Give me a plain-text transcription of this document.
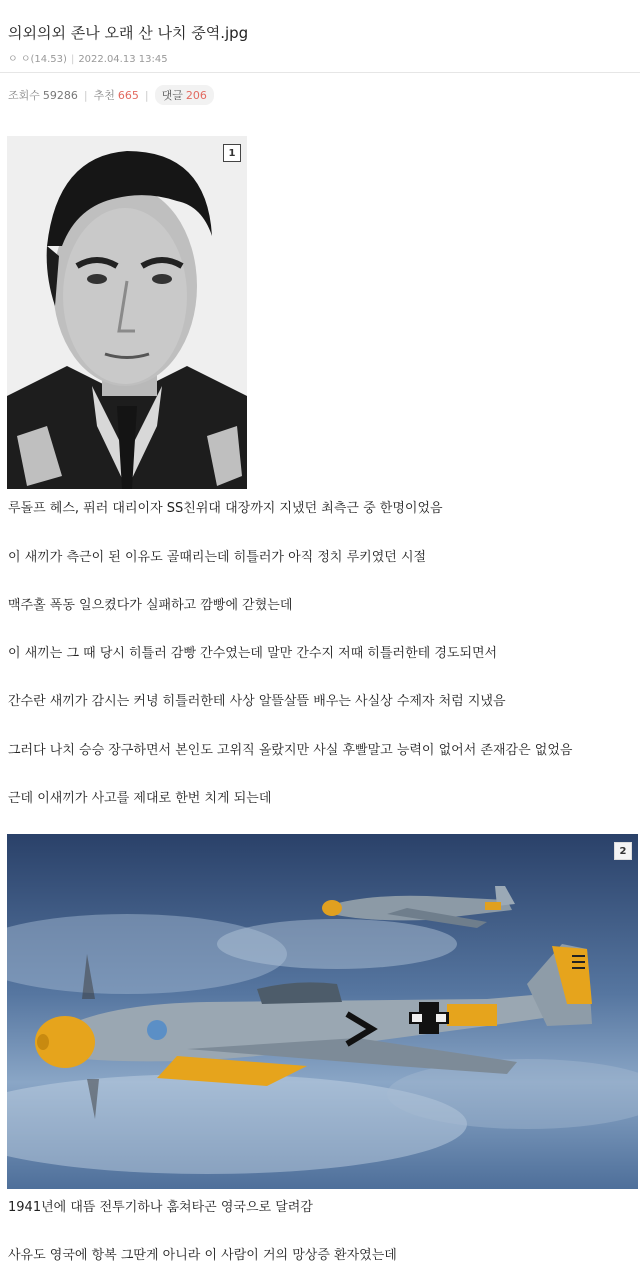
의외의외 존나 오래 산 나치 중역.jpg
ㅇ ㅇ(14.53) | 2022.04.13 13:45
조회수 59286 | 추천 665 | 댓글 206
1
루돌프 헤스, 퓌러 대리이자 SS친위대 대장까지 지냈던 최측근 중 한명이었음
이 새끼가 측근이 된 이유도 골때리는데 히틀러가 아직 정치 루키였던 시절
맥주홀 폭동 일으켰다가 실패하고 깜빵에 갇혔는데
이 새끼는 그 때 당시 히틀러 감빵 간수였는데 말만 간수지 저때 히틀러한테 경도되면서
간수란 새끼가 감시는 커녕 히틀러한테 사상 알뜰살뜰 배우는 사실상 수제자 처럼 지냈음
그러다 나치 승승 장구하면서 본인도 고위직 올랐지만 사실 후빨말고 능력이 없어서 존재감은 없었음
근데 이새끼가 사고를 제대로 한번 치게 되는데
2
1941년에 대뜸 전투기하나 훔쳐타곤 영국으로 달려감
사유도 영국에 항복 그딴게 아니라 이 사람이 거의 망상증 환자였는데
